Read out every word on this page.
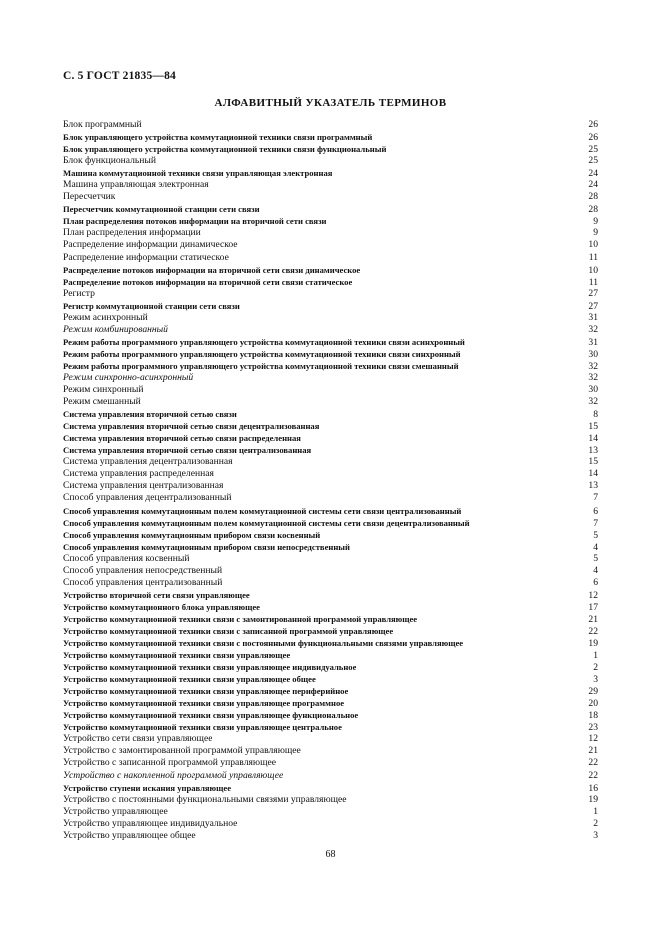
С. 5 ГОСТ 21835—84
АЛФАВИТНЫЙ УКАЗАТЕЛЬ ТЕРМИНОВ
Блок программный	26
Блок управляющего устройства коммутационной техники связи программный	26
Блок управляющего устройства коммутационной техники связи функциональный	25
Блок функциональный	25
Машина коммутационной техники связи управляющая электронная	24
Машина управляющая электронная	24
Пересчетчик	28
Пересчетчик коммутационной станции сети связи	28
План распределения потоков информации на вторичной сети связи	9
План распределения информации	9
Распределение информации динамическое	10
Распределение информации статическое	11
Распределение потоков информации на вторичной сети связи динамическое	10
Распределение потоков информации на вторичной сети связи статическое	11
Регистр	27
Регистр коммутационной станции сети связи	27
Режим асинхронный	31
Режим комбинированный	32
Режим работы программного управляющего устройства коммутационной техники связи асинхронный	31
Режим работы программного управляющего устройства коммутационной техники связи синхронный	30
Режим работы программного управляющего устройства коммутационной техники связи смешанный	32
Режим синхронно-асинхронный	32
Режим синхронный	30
Режим смешанный	32
Система управления вторичной сетью связи	8
Система управления вторичной сетью связи децентрализованная	15
Система управления вторичной сетью связи распределенная	14
Система управления вторичной сетью связи централизованная	13
Система управления децентрализованная	15
Система управления распределенная	14
Система управления централизованная	13
Способ управления децентрализованный	7
Способ управления коммутационным полем коммутационной системы сети связи централизованный	6
Способ управления коммутационным полем коммутационной системы сети связи децентрализованный	7
Способ управления коммутационным прибором связи косвенный	5
Способ управления коммутационным прибором связи непосредственный	4
Способ управления косвенный	5
Способ управления непосредственный	4
Способ управления централизованный	6
Устройство вторичной сети связи управляющее	12
Устройство коммутационного блока управляющее	17
Устройство коммутационной техники связи с замонтированной программой управляющее	21
Устройство коммутационной техники связи с записанной программой управляющее	22
Устройство коммутационной техники связи с постоянными функциональными связями управляющее	19
Устройство коммутационной техники связи управляющее	1
Устройство коммутационной техники связи управляющее индивидуальное	2
Устройство коммутационной техники связи управляющее общее	3
Устройство коммутационной техники связи управляющее периферийное	29
Устройство коммутационной техники связи управляющее программное	20
Устройство коммутационной техники связи управляющее функциональное	18
Устройство коммутационной техники связи управляющее центральное	23
Устройство сети связи управляющее	12
Устройство с замонтированной программой управляющее	21
Устройство с записанной программой управляющее	22
Устройство с накопленной программой управляющее	22
Устройство ступени искания управляющее	16
Устройство с постоянными функциональными связями управляющее	19
Устройство управляющее	1
Устройство управляющее индивидуальное	2
Устройство управляющее общее	3
68
